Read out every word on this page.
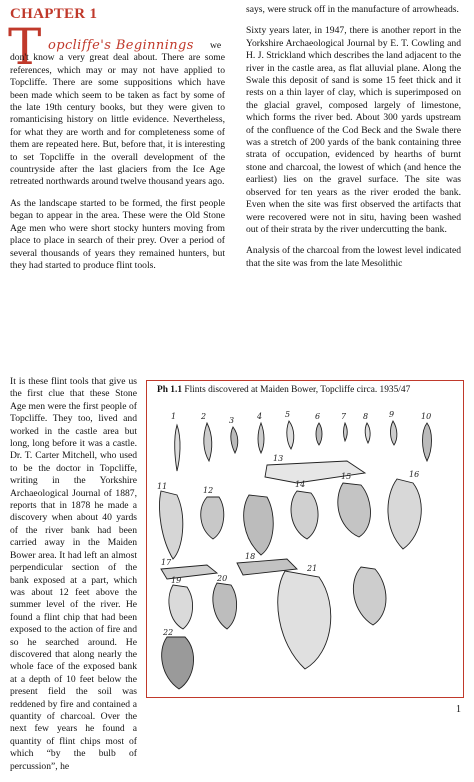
CHAPTER 1
T opcliffe's Beginnings	we don't know a very great deal about. There are some references, which may or may not have applied to Topcliffe. There are some suppositions which have been made which seem to be taken as fact by some of the late 19th century books, but they were given to romanticising history on little evidence. Nevertheless, for what they are worth and for completeness some of them are repeated here. But, before that, it is interesting to set Topcliffe in the overall development of the countryside after the last glaciers from the Ice Age retreated northwards around twelve thousand years ago.

As the landscape started to be formed, the first people began to appear in the area. These were the Old Stone Age men who were short stocky hunters moving from place to place in search of their prey. Over a period of several thousands of years they remained hunters, but they had started to produce flint tools.

says, were struck off in the manufacture of arrowheads.

Sixty years later, in 1947, there is another report in the Yorkshire Archaeological Journal by E. T. Cowling and H. J. Strickland which describes the land adjacent to the river in the castle area, as flat alluvial plane. Along the Swale this deposit of sand is some 15 feet thick and it rests on a thin layer of clay, which is superimposed on the glacial gravel, composed largely of limestone, which forms the river bed. About 300 yards upstream of the confluence of the Cod Beck and the Swale there was a stretch of 200 yards of the bank containing three strata of occupation, evidenced by hearths of burnt stone and charcoal, the lowest of which (and hence the earliest) lies on the gravel surface. The site was observed for ten years as the river eroded the bank. Even when the site was first observed the artifacts that were recovered were not in situ, having been washed out of their strata by the river undercutting the bank.

Analysis of the charcoal from the lowest level indicated that the site was from the late Mesolithic

It is these flint tools that give us the first clue that these Stone Age men were the first people of Topcliffe. They too, lived and worked in the castle area but long, long before it was a castle. Dr. T. Carter Mitchell, who used to be the doctor in Topcliffe, writing in the Yorkshire Archaeological Journal of 1887, reports that in 1878 he made a discovery when about 40 yards of the river bank had been carried away in the Maiden Bower area. It had left an almost perpendicular section of the bank exposed at a part, which was about 12 feet above the summer level of the river. He found a flint chip that had been exposed to the action of fire and so he searched around. He discovered that along nearly the whole face of the exposed bank at a depth of 10 feet below the present field the soil was reddened by fire and contained a quantity of charcoal. Over the next few years he found a quantity of flint chips most of which “by the bulb of percussion”, he

Ph 1.1 Flints discovered at Maiden Bower, Topcliffe circa. 1935/47
1	2	3	4	5	6	7 8	9	10
11	12
13
14
15	16
17
18
19	20
21
22
1
